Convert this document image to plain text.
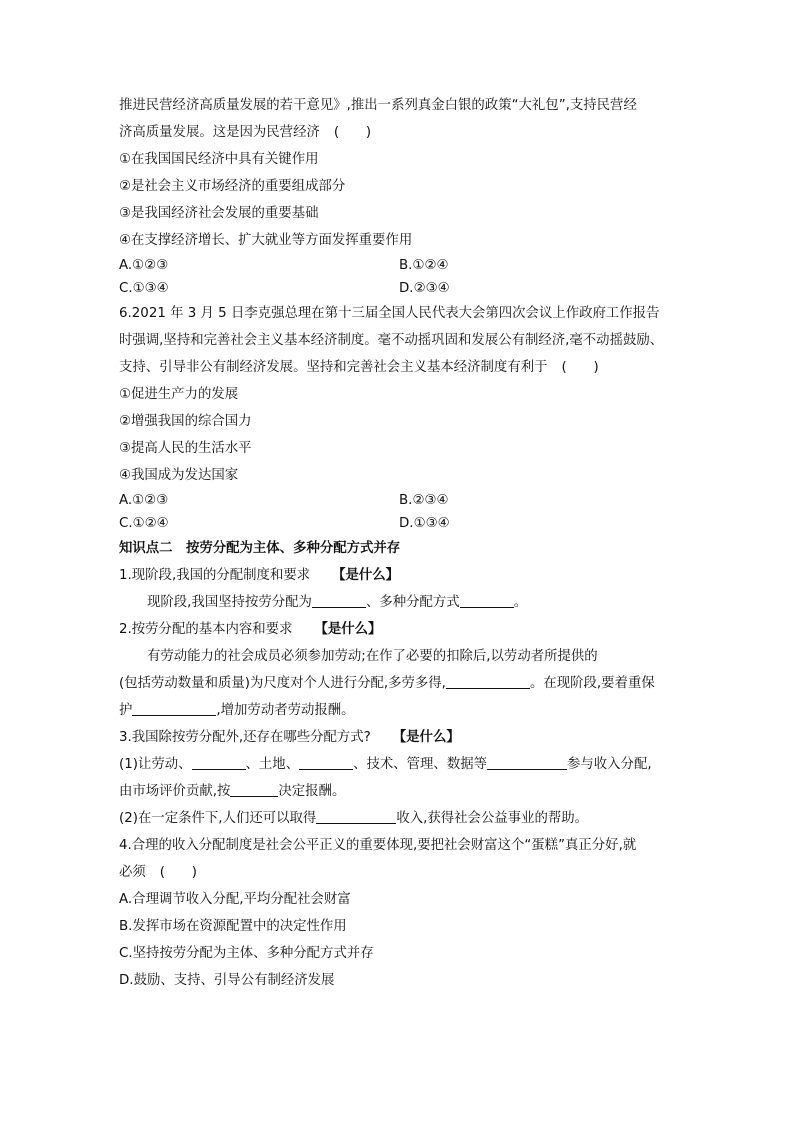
推进民营经济高质量发展的若干意见》,推出一系列真金白银的政策“大礼包”,支持民营经
济高质量发展。这是因为民营经济 (　　)
①在我国国民经济中具有关键作用
②是社会主义市场经济的重要组成部分
③是我国经济社会发展的重要基础
④在支撑经济增长、扩大就业等方面发挥重要作用
A.①②③	B.①②④
C.①③④	D.②③④
6.2021 年 3 月 5 日李克强总理在第十三届全国人民代表大会第四次会议上作政府工作报告
时强调,坚持和完善社会主义基本经济制度。毫不动摇巩固和发展公有制经济,毫不动摇鼓励、
支持、引导非公有制经济发展。坚持和完善社会主义基本经济制度有利于 (　　)
①促进生产力的发展
②增强我国的综合国力
③提高人民的生活水平
④我国成为发达国家
A.①②③	B.②③④
C.①②④	D.①③④
知识点二　按劳分配为主体、多种分配方式并存
1.现阶段,我国的分配制度和要求 【是什么】
现阶段,我国坚持按劳分配为	、多种分配方式	。
2.按劳分配的基本内容和要求 【是什么】
有劳动能力的社会成员必须参加劳动;在作了必要的扣除后,以劳动者所提供的
(包括劳动数量和质量)为尺度对个人进行分配,多劳多得,	。在现阶段,要着重保
护	,增加劳动者劳动报酬。
3.我国除按劳分配外,还存在哪些分配方式? 【是什么】
(1)让劳动、	、土地、	、技术、管理、数据等	参与收入分配,
由市场评价贡献,按	决定报酬。
(2)在一定条件下,人们还可以取得	收入,获得社会公益事业的帮助。
4.合理的收入分配制度是社会公平正义的重要体现,要把社会财富这个“蛋糕”真正分好,就
必须 (　　)
A.合理调节收入分配,平均分配社会财富
B.发挥市场在资源配置中的决定性作用
C.坚持按劳分配为主体、多种分配方式并存
D.鼓励、支持、引导公有制经济发展
